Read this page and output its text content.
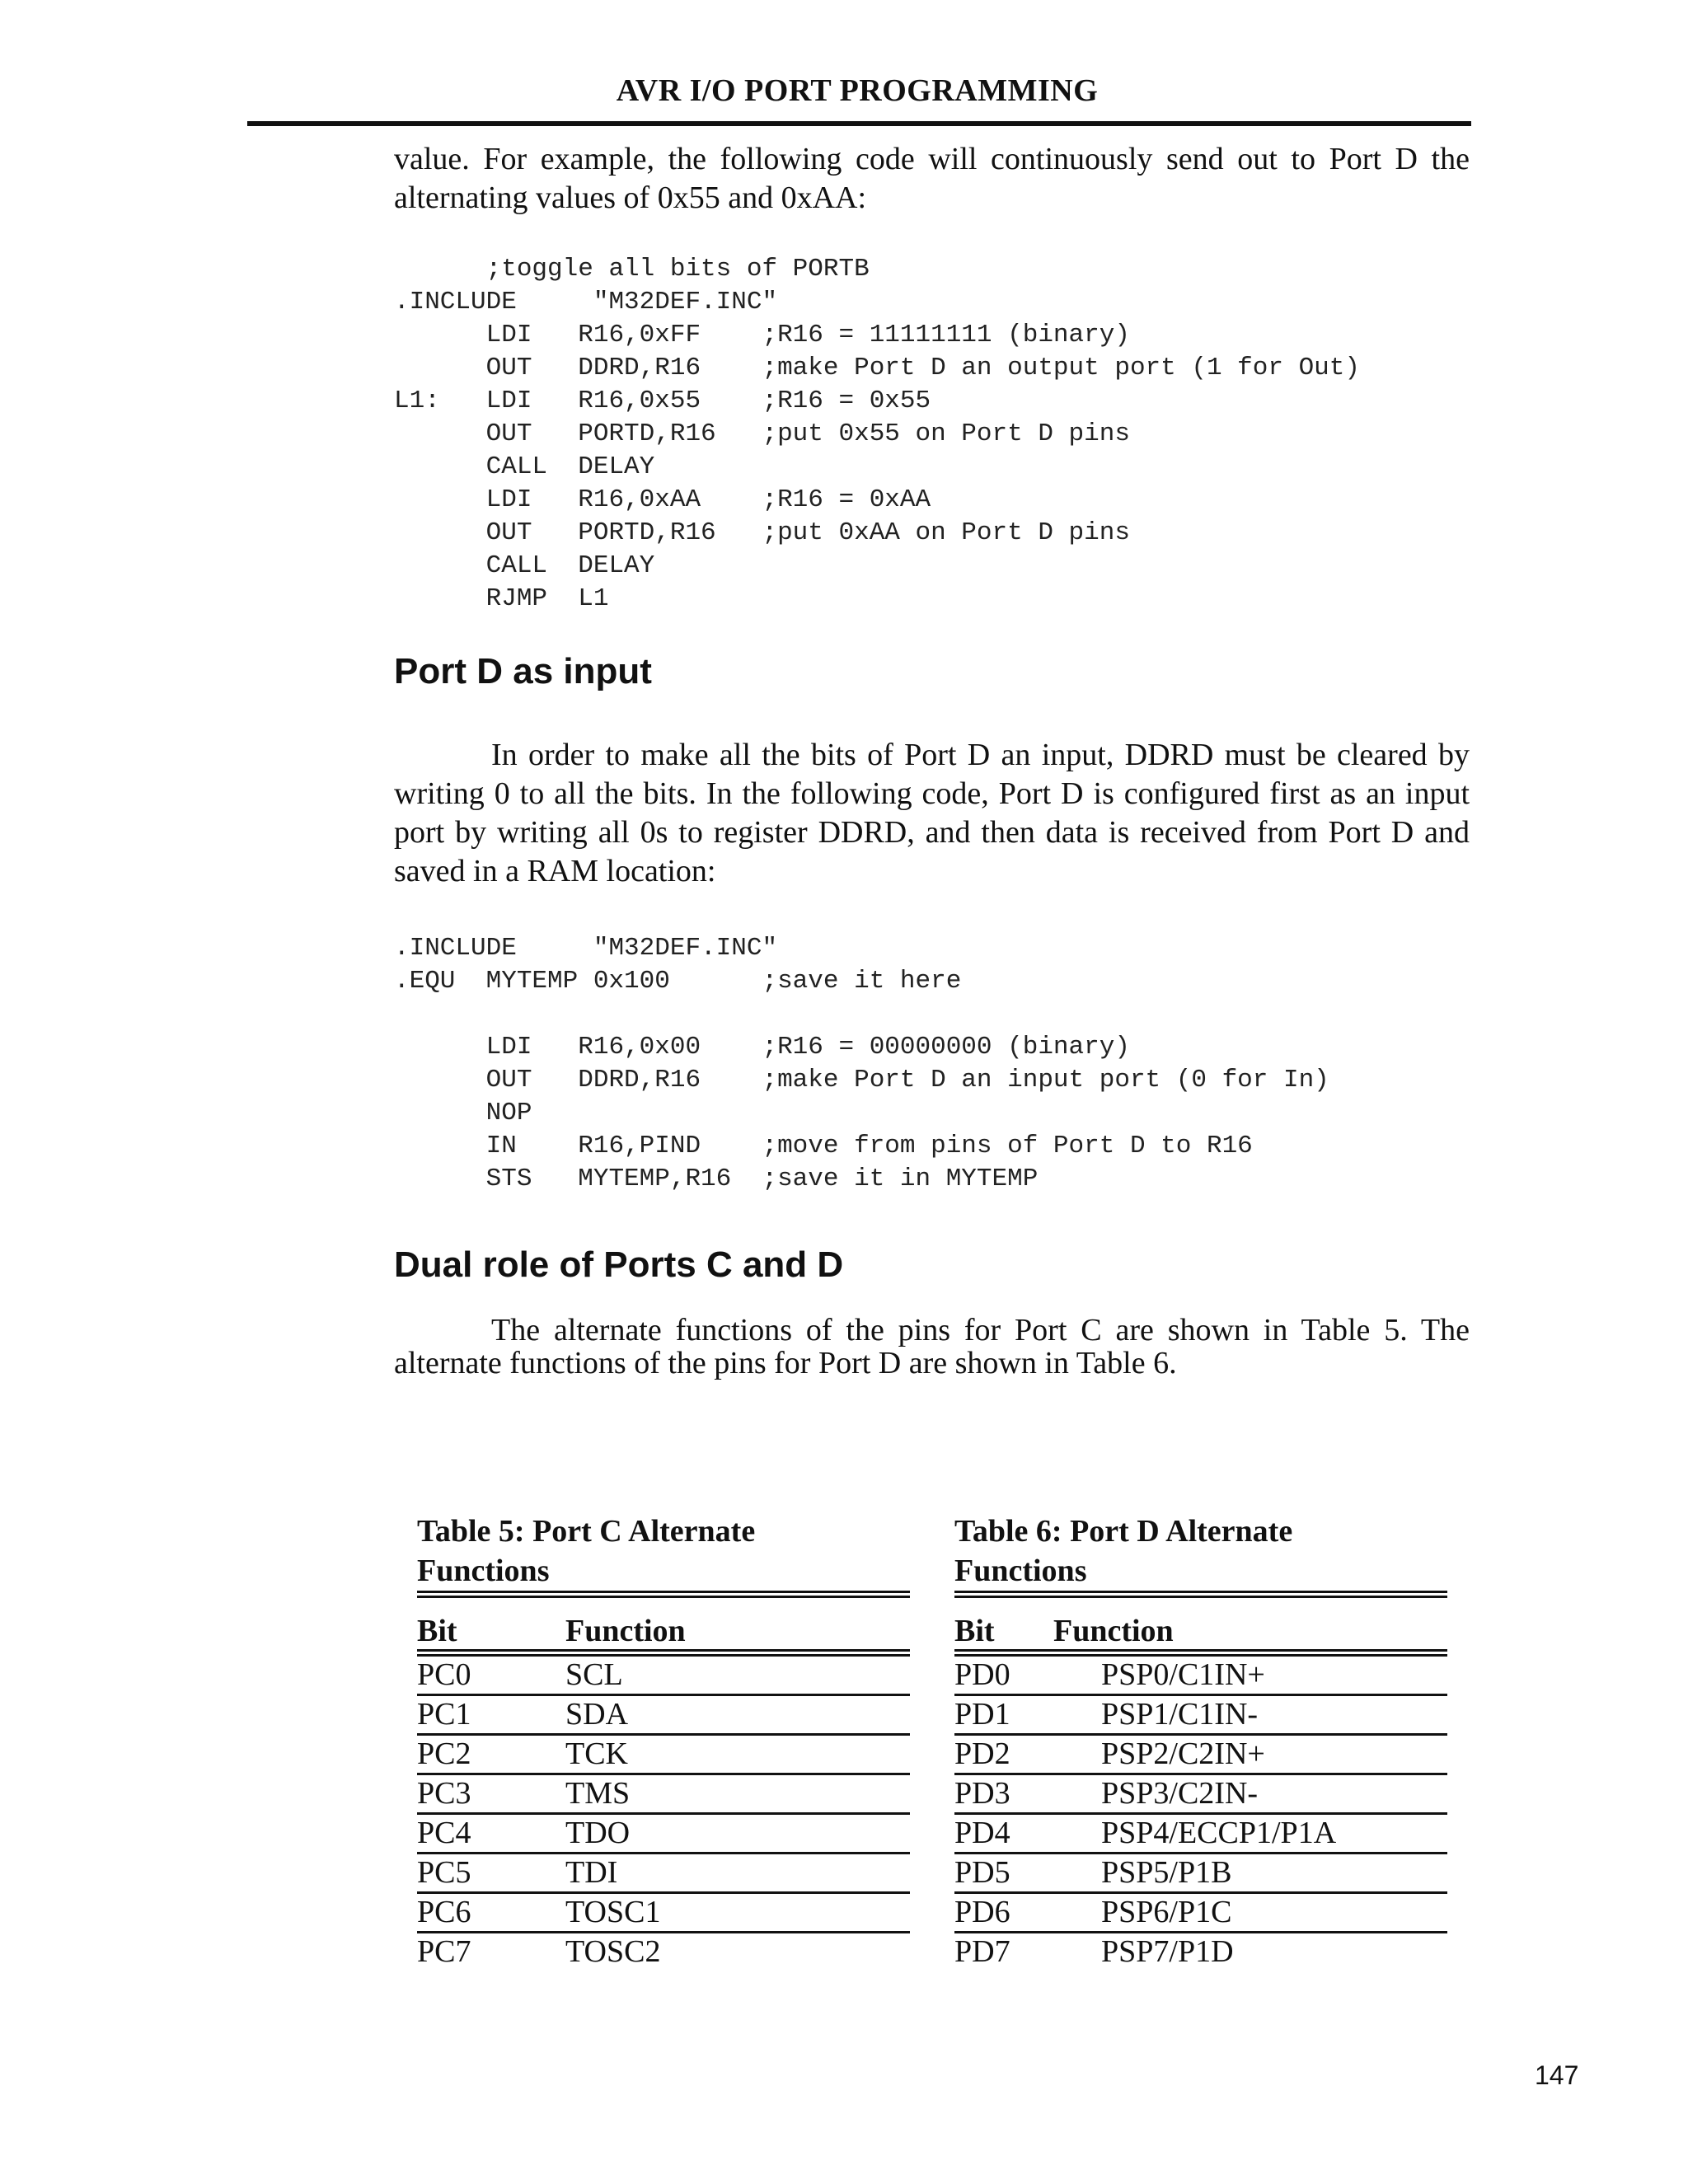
AVR I/O PORT PROGRAMMING

value. For example, the following code will continuously send out to Port D the alternating values of 0x55 and 0xAA:

;toggle all bits of PORTB
.INCLUDE     "M32DEF.INC"
LDI   R16,0xFF    ;R16 = 11111111 (binary)
OUT   DDRD,R16    ;make Port D an output port (1 for Out)
L1:   LDI   R16,0x55    ;R16 = 0x55
OUT   PORTD,R16   ;put 0x55 on Port D pins
CALL  DELAY
LDI   R16,0xAA    ;R16 = 0xAA
OUT   PORTD,R16   ;put 0xAA on Port D pins
CALL  DELAY
RJMP  L1
Port D as input

In order to make all the bits of Port D an input, DDRD must be cleared by writing 0 to all the bits. In the following code, Port D is configured first as an input port by writing all 0s to register DDRD, and then data is received from Port D and saved in a RAM location:

.INCLUDE     "M32DEF.INC"
.EQU  MYTEMP 0x100      ;save it here

LDI   R16,0x00    ;R16 = 00000000 (binary)
OUT   DDRD,R16    ;make Port D an input port (0 for In)
NOP
IN    R16,PIND    ;move from pins of Port D to R16
STS   MYTEMP,R16  ;save it in MYTEMP
Dual role of Ports C and D

The alternate functions of the pins for Port C are shown in Table 5. The alternate functions of the pins for Port D are shown in Table 6.

Table 5: Port C Alternate
Functions
Bit	Function
PC0	SCL
PC1	SDA
PC2	TCK
PC3	TMS
PC4	TDO
PC5	TDI
PC6	TOSC1
PC7	TOSC2
Table 6: Port D Alternate
Functions
Bit	Function
PD0	PSP0/C1IN+
PD1	PSP1/C1IN-
PD2	PSP2/C2IN+
PD3	PSP3/C2IN-
PD4	PSP4/ECCP1/P1A
PD5	PSP5/P1B
PD6	PSP6/P1C
PD7	PSP7/P1D
147
